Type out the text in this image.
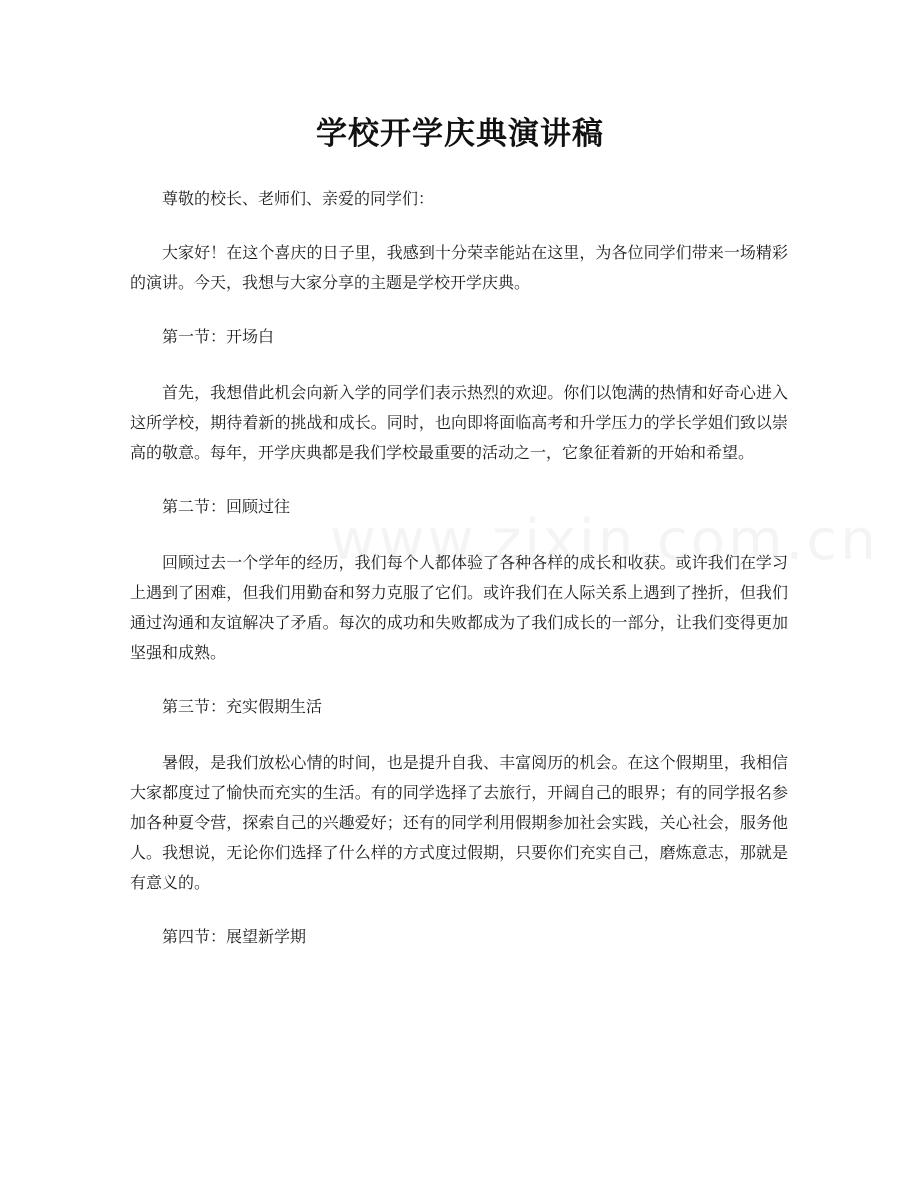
学校开学庆典演讲稿

尊敬的校长、老师们、亲爱的同学们：

大家好！在这个喜庆的日子里，我感到十分荣幸能站在这里，为各位同学们带来一场精彩的演讲。今天，我想与大家分享的主题是学校开学庆典。

第一节：开场白

首先，我想借此机会向新入学的同学们表示热烈的欢迎。你们以饱满的热情和好奇心进入这所学校，期待着新的挑战和成长。同时，也向即将面临高考和升学压力的学长学姐们致以崇高的敬意。每年，开学庆典都是我们学校最重要的活动之一，它象征着新的开始和希望。

第二节：回顾过往

回顾过去一个学年的经历，我们每个人都体验了各种各样的成长和收获。或许我们在学习上遇到了困难，但我们用勤奋和努力克服了它们。或许我们在人际关系上遇到了挫折，但我们通过沟通和友谊解决了矛盾。每次的成功和失败都成为了我们成长的一部分，让我们变得更加坚强和成熟。

第三节：充实假期生活

暑假，是我们放松心情的时间，也是提升自我、丰富阅历的机会。在这个假期里，我相信大家都度过了愉快而充实的生活。有的同学选择了去旅行，开阔自己的眼界；有的同学报名参加各种夏令营，探索自己的兴趣爱好；还有的同学利用假期参加社会实践，关心社会，服务他人。我想说，无论你们选择了什么样的方式度过假期，只要你们充实自己，磨炼意志，那就是有意义的。

第四节：展望新学期
